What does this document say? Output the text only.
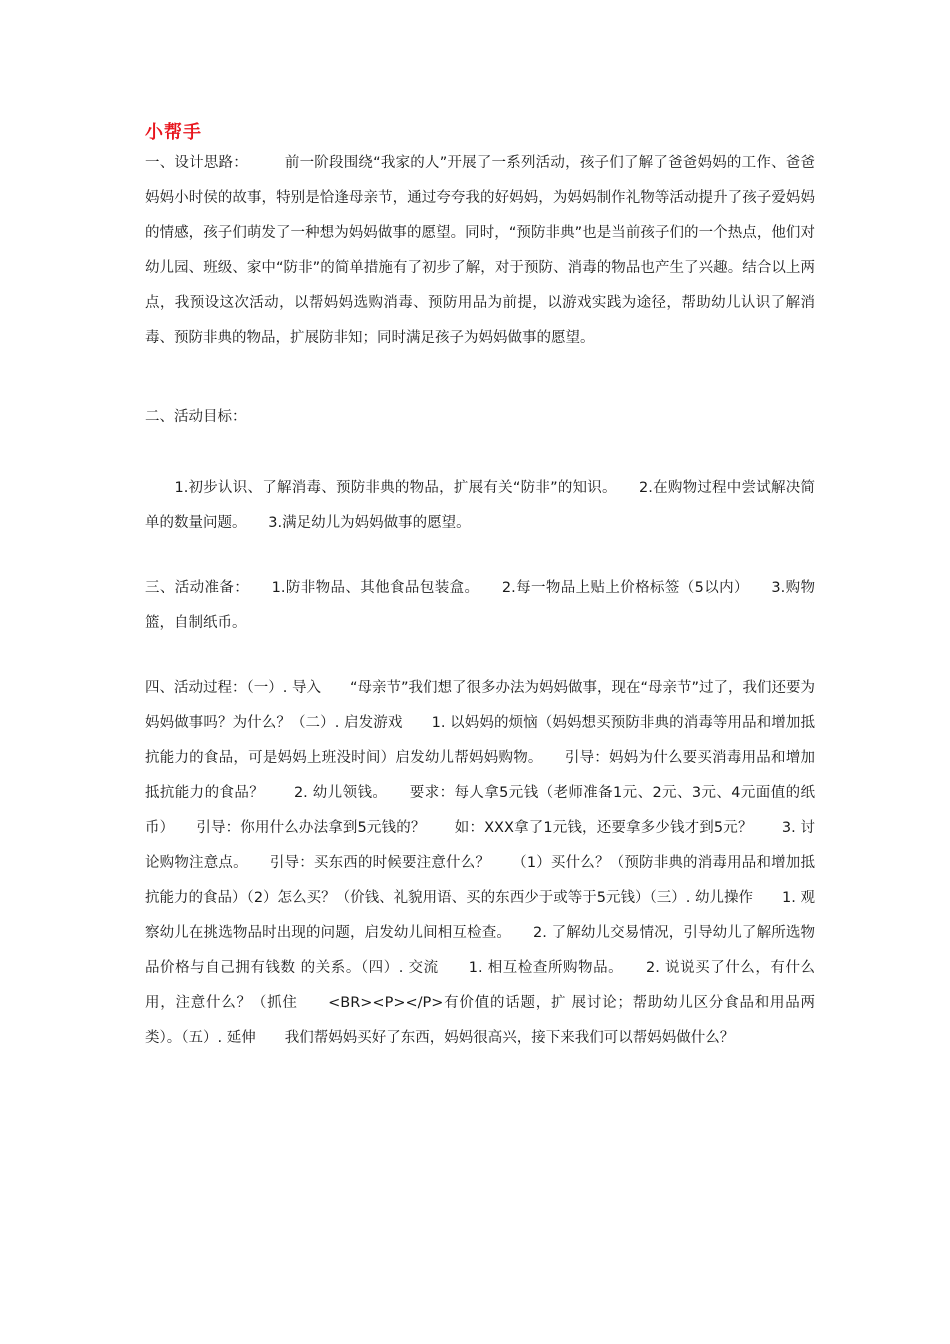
小帮手

一、设计思路：　　　前一阶段围绕“我家的人”开展了一系列活动，孩子们了解了爸爸妈妈的工作、爸爸妈妈小时侯的故事，特别是恰逢母亲节，通过夸夸我的好妈妈，为妈妈制作礼物等活动提升了孩子爱妈妈的情感，孩子们萌发了一种想为妈妈做事的愿望。同时，“预防非典”也是当前孩子们的一个热点，他们对幼儿园、班级、家中“防非”的简单措施有了初步了解，对于预防、消毒的物品也产生了兴趣。结合以上两点，我预设这次活动，以帮妈妈选购消毒、预防用品为前提，以游戏实践为途径，帮助幼儿认识了解消毒、预防非典的物品，扩展防非知；同时满足孩子为妈妈做事的愿望。

二、活动目标：

　　1.初步认识、了解消毒、预防非典的物品，扩展有关“防非”的知识。　　2.在购物过程中尝试解决简单的数量问题。　　3.满足幼儿为妈妈做事的愿望。

三、活动准备：　　1.防非物品、其他食品包装盒。　　2.每一物品上贴上价格标签（5以内）　　3.购物篮，自制纸币。

四、活动过程：（一）. 导入　　“母亲节”我们想了很多办法为妈妈做事，现在“母亲节”过了，我们还要为妈妈做事吗？为什么？（二）. 启发游戏　　1. 以妈妈的烦恼（妈妈想买预防非典的消毒等用品和增加抵抗能力的食品，可是妈妈上班没时间）启发幼儿帮妈妈购物。　　引导：妈妈为什么要买消毒用品和增加抵抗能力的食品？　　2. 幼儿领钱。　　要求：每人拿5元钱（老师准备1元、2元、3元、4元面值的纸币）　　引导：你用什么办法拿到5元钱的？　　如：XXX拿了1元钱，还要拿多少钱才到5元？　　3. 讨论购物注意点。　　引导：买东西的时候要注意什么？　　（1）买什么？（预防非典的消毒用品和增加抵抗能力的食品）（2）怎么买？（价钱、礼貌用语、买的东西少于或等于5元钱）（三）. 幼儿操作　　1. 观察幼儿在挑选物品时出现的问题，启发幼儿间相互检查。　　2. 了解幼儿交易情况，引导幼儿了解所选物品价格与自己拥有钱数 的关系。（四）. 交流　　1. 相互检查所购物品。　　2. 说说买了什么，有什么用，注意什么？（抓住　　<BR><P></P>有价值的话题，扩 展讨论；帮助幼儿区分食品和用品两类）。（五）. 延伸　　我们帮妈妈买好了东西，妈妈很高兴，接下来我们可以帮妈妈做什么？
